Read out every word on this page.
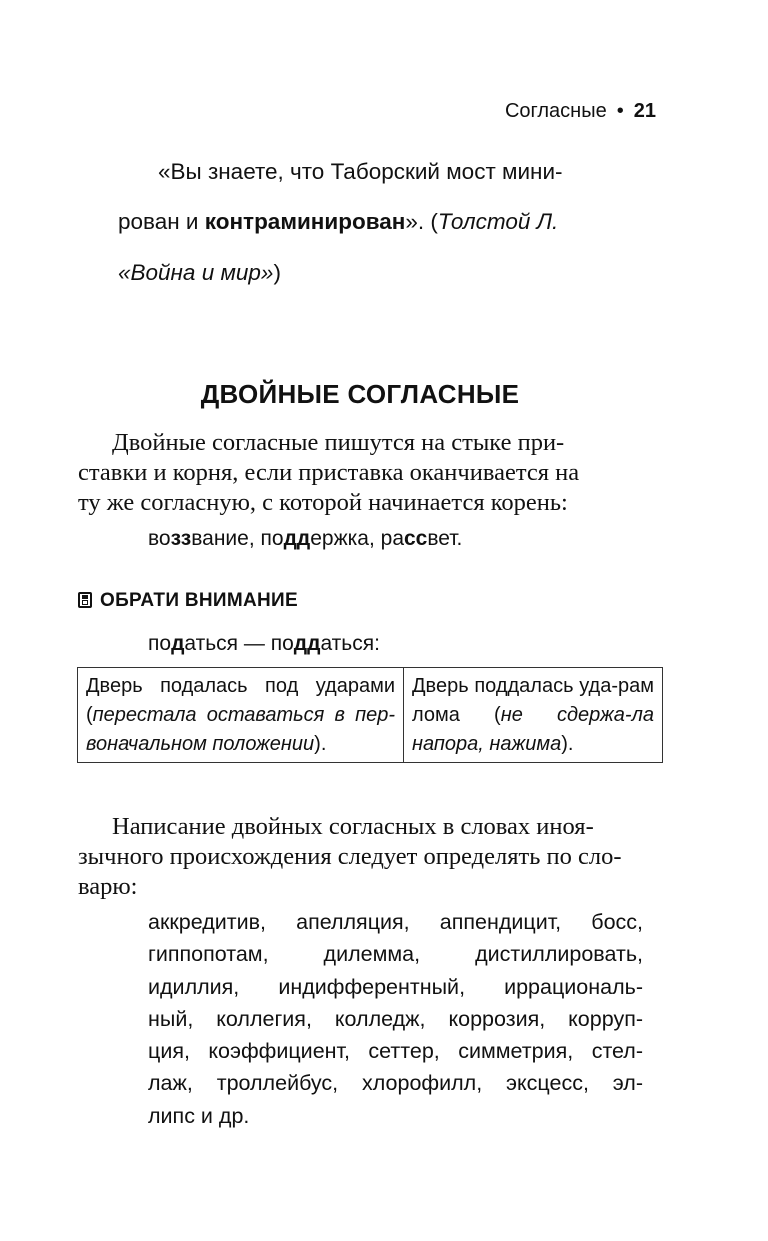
Согласные • 21
«Вы знаете, что Таборский мост мини-
рован и контраминирован». (Толстой Л.
«Война и мир»)
ДВОЙНЫЕ СОГЛАСНЫЕ

Двойные согласные пишутся на стыке при-

ставки и корня, если приставка оканчивается на

ту же согласную, с которой начинается корень:

воззвание, поддержка, рассвет.
ОБРАТИ ВНИМАНИЕ
податься — поддаться:
Дверь подалась под ударами (перестала оставаться в пер-воначальном положении).	Дверь поддалась уда-рам лома (не сдержа-ла напора, нажима).

Написание двойных согласных в словах иноя-

зычного происхождения следует определять по сло-

варю:

аккредитив, апелляция, аппендицит, босс,
гиппопотам, дилемма, дистиллировать,
идиллия, индифферентный, иррациональ-
ный, коллегия, колледж, коррозия, корруп-
ция, коэффициент, сеттер, симметрия, стел-
лаж, троллейбус, хлорофилл, эксцесс, эл-
липс и др.
